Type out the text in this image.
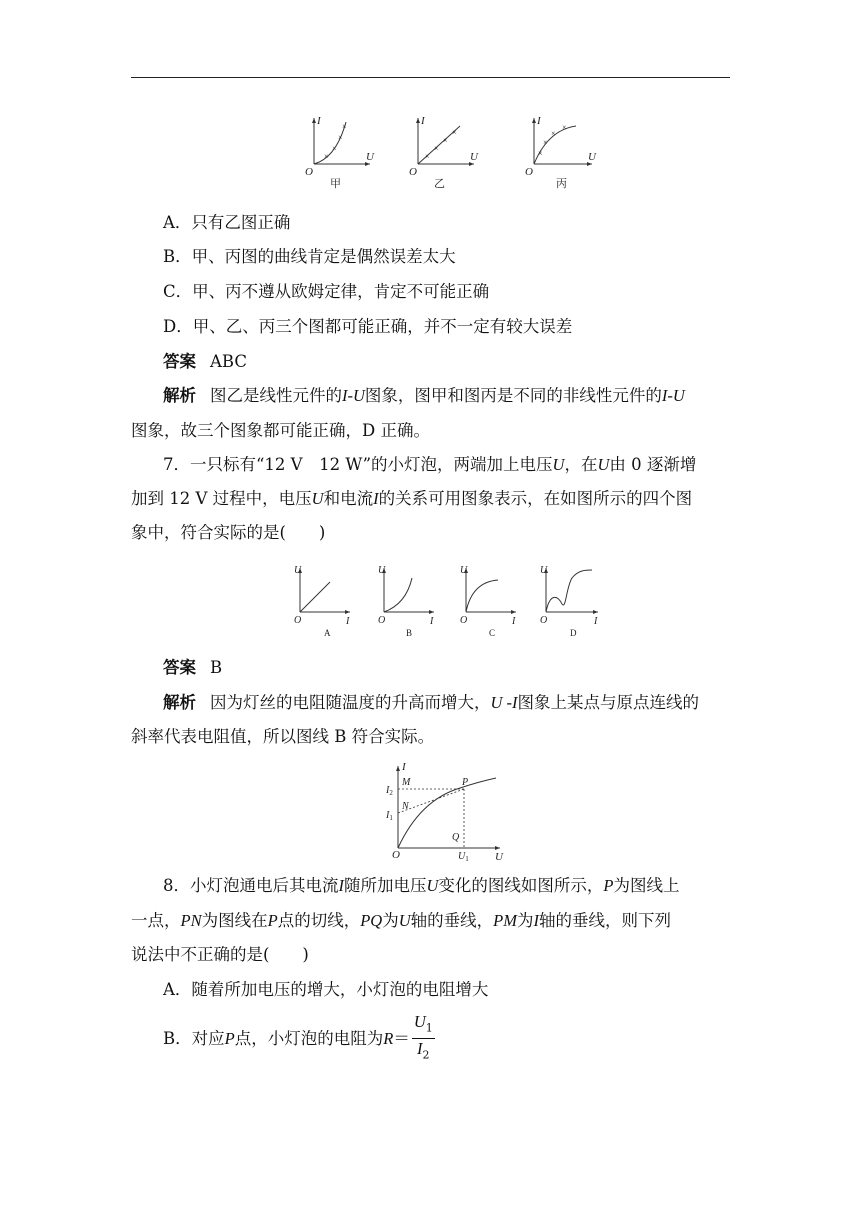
×
×
×
×
I
U
O
甲
×
×
×
×
I
U
O
乙
×
×
×
×
I
U
O
丙
A．只有乙图正确
B．甲、丙图的曲线肯定是偶然误差太大
C．甲、丙不遵从欧姆定律，肯定不可能正确
D．甲、乙、丙三个图都可能正确，并不一定有较大误差
答案 ABC
解析 图乙是线性元件的I-U图象，图甲和图丙是不同的非线性元件的I-U
图象，故三个图象都可能正确，D 正确。
7．一只标有“12 V　12 W”的小灯泡，两端加上电压U，在U由 0 逐渐增
加到 12 V 过程中，电压U和电流I的关系可用图象表示，在如图所示的四个图
象中，符合实际的是(　　)
U
I
O
A
U
I
O
B
U
I
O
C
U
I
O
D
答案 B
解析 因为灯丝的电阻随温度的升高而增大，U -I图象上某点与原点连线的
斜率代表电阻值，所以图线 B 符合实际。
I
U
O
M	P
N
Q
$I_2$
$I_1$
$U_1$
8．小灯泡通电后其电流I随所加电压U变化的图线如图所示，P为图线上
一点，PN为图线在P点的切线，PQ为U轴的垂线，PM为I轴的垂线，则下列
说法中不正确的是(　　)
A．随着所加电压的增大，小灯泡的电阻增大
B．对应P点，小灯泡的电阻为$R= \frac{U_1}{I_2}$
